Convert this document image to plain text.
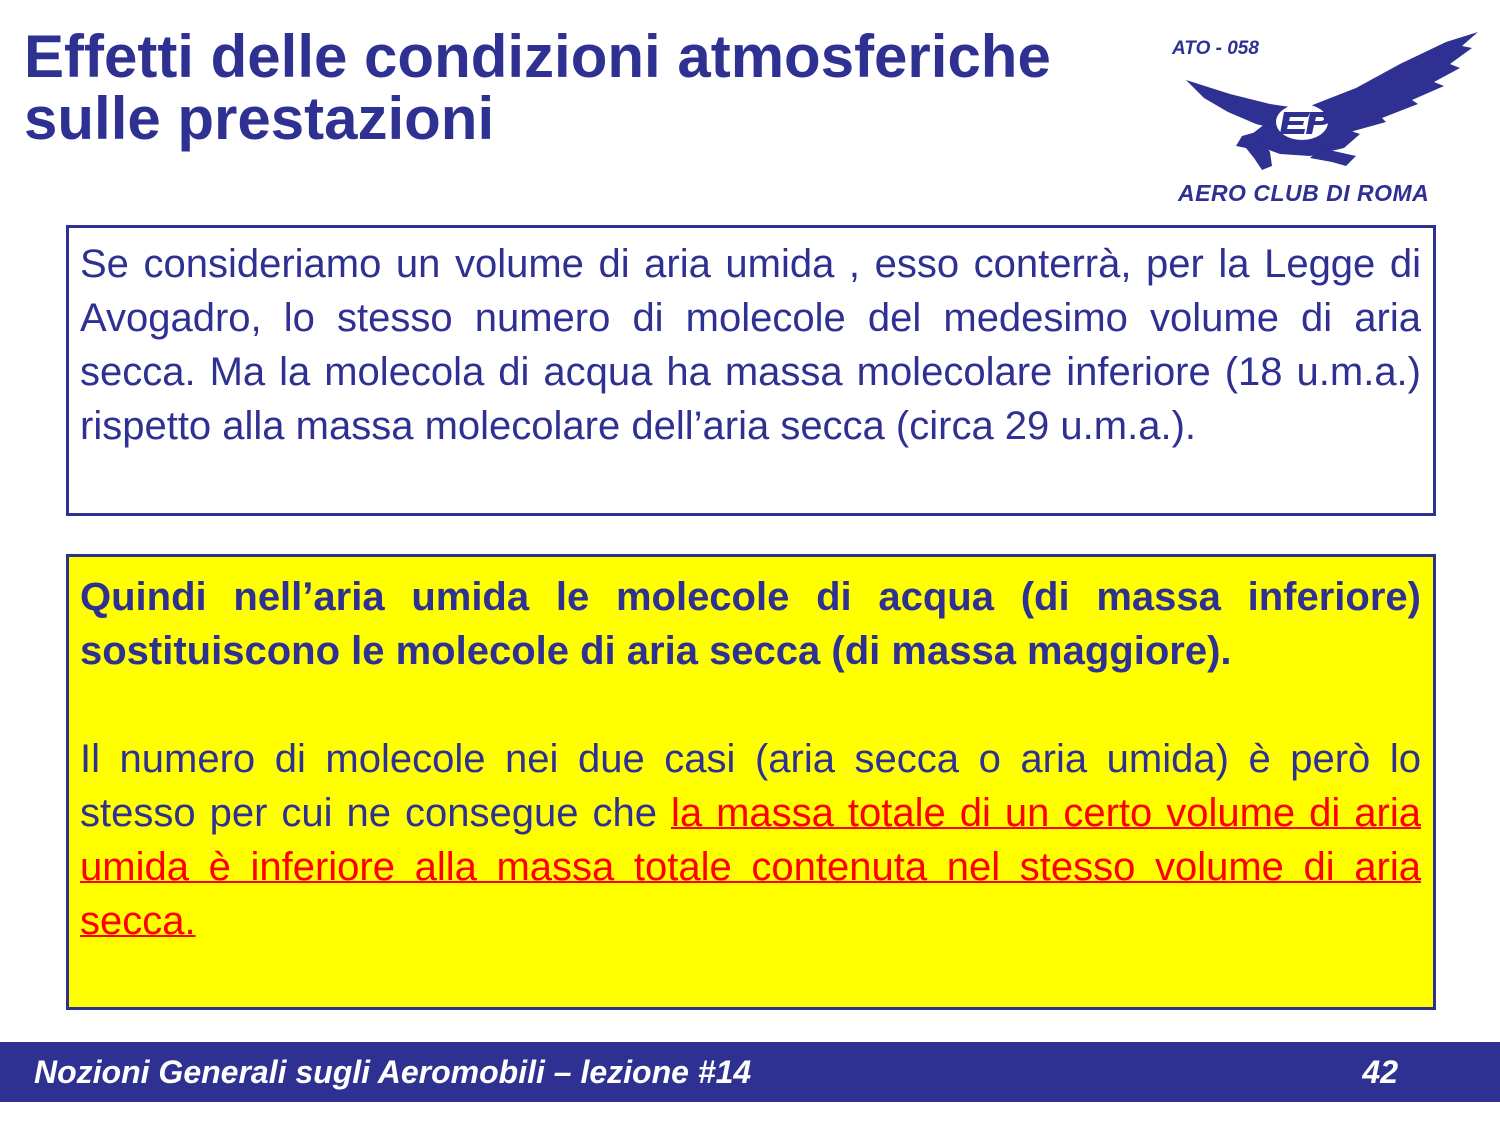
Effetti delle condizioni atmosferiche
sulle prestazioni
ATO - 058
AERO CLUB DI ROMA

Se consideriamo un volume di aria umida , esso conterrà, per la Legge di Avogadro, lo stesso numero di molecole del medesimo volume di aria secca. Ma la molecola di acqua ha massa molecolare inferiore (18 u.m.a.) rispetto alla massa molecolare dell’aria secca (circa 29 u.m.a.).

Quindi nell’aria umida le molecole di acqua (di massa inferiore) sostituiscono le molecole di aria secca (di massa maggiore).

Il numero di molecole nei due casi (aria secca o aria umida) è però lo stesso per cui ne consegue che la massa totale di un certo volume di aria umida è inferiore alla massa totale contenuta nel stesso volume di aria secca.

Nozioni Generali sugli Aeromobili – lezione #14	42
